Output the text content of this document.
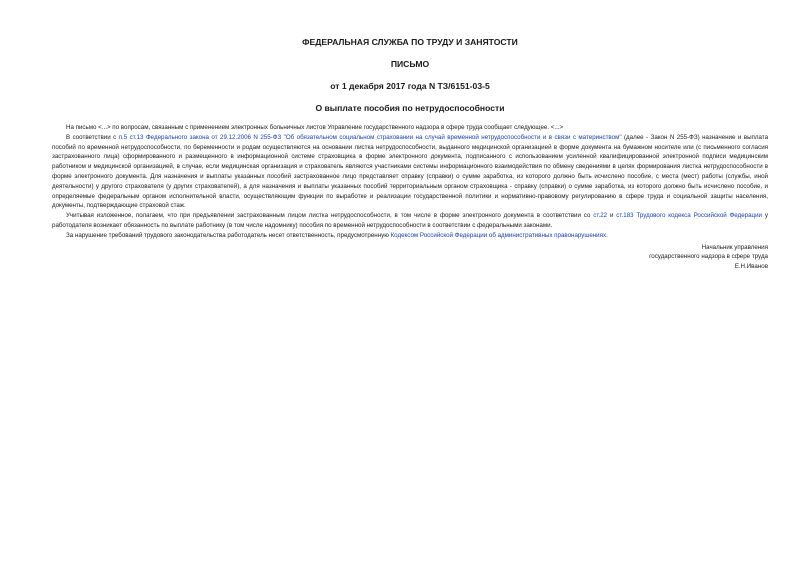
ФЕДЕРАЛЬНАЯ СЛУЖБА ПО ТРУДУ И ЗАНЯТОСТИ

ПИСЬМО

от 1 декабря 2017 года N ТЗ/6151-03-5

О выплате пособия по нетрудоспособности

На письмо <...> по вопросам, связанным с применением электронных больничных листов Управление государственного надзора в сфере труда сообщает следующее. <...>

В соответствии с п.5 ст.13 Федерального закона от 29.12.2006 N 255-ФЗ "Об обязательном социальном страховании на случай временной нетрудоспособности и в связи с материнством" (далее - Закон N 255-ФЗ) назначение и выплата пособий по временной нетрудоспособности, по беременности и родам осуществляются на основании листка нетрудоспособности, выданного медицинской организацией в форме документа на бумажном носителе или (с письменного согласия застрахованного лица) сформированного и размещенного в информационной системе страховщика в форме электронного документа, подписанного с использованием усиленной квалифицированной электронной подписи медицинским работником и медицинской организацией, в случае, если медицинская организация и страхователь являются участниками системы информационного взаимодействия по обмену сведениями в целях формирования листка нетрудоспособности в форме электронного документа. Для назначения и выплаты указанных пособий застрахованное лицо представляет справку (справки) о сумме заработка, из которого должно быть исчислено пособие, с места (мест) работы (службы, иной деятельности) у другого страхователя (у других страхователей), а для назначения и выплаты указанных пособий территориальным органом страховщика - справку (справки) о сумме заработка, из которого должно быть исчислено пособие, и определяемые федеральным органом исполнительной власти, осуществляющим функции по выработке и реализации государственной политики и нормативно-правовому регулированию в сфере труда и социальной защиты населения, документы, подтверждающие страховой стаж.

Учитывая изложенное, полагаем, что при предъявлении застрахованным лицом листка нетрудоспособности, в том числе в форме электронного документа в соответствии со ст.22 и ст.183 Трудового кодекса Российской Федерации у работодателя возникает обязанность по выплате работнику (в том числе надомнику) пособия по временной нетрудоспособности в соответствии с федеральными законами.

За нарушение требований трудового законодательства работодатель несет ответственность, предусмотренную Кодексом Российской Федерации об административных правонарушениях.

Начальник управления
государственного надзора в сфере труда
Е.Н.Иванов
